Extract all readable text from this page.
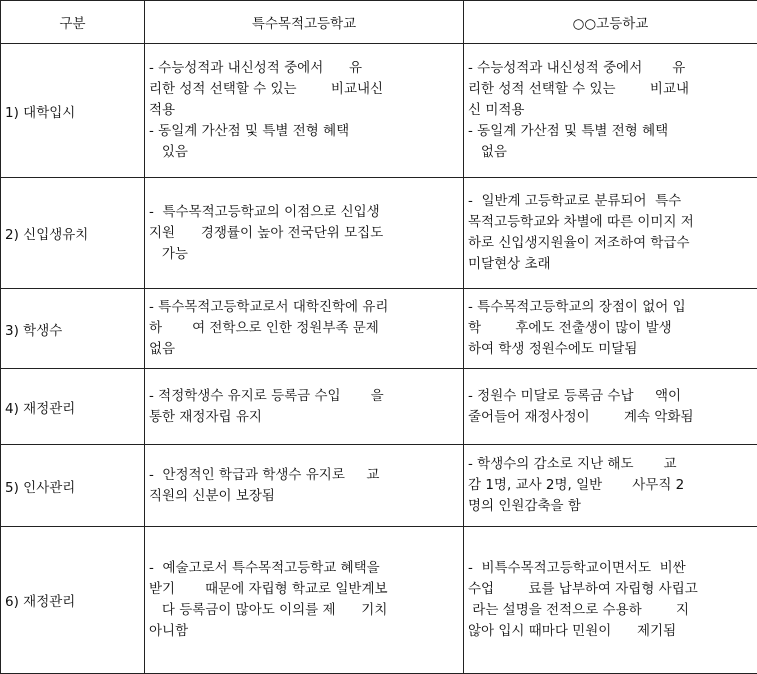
구분	특수목적고등학교	○○고등하교
1) 대학입시	- 수능성적과 내신성적 중에서      유
리한 성적 선택할 수 있는        비교내신
적용
- 동일계 가산점 및 특별 전형 혜택
있음	- 수능성적과 내신성적 중에서       유
리한 성적 선택할 수 있는        비교내
신 미적용
- 동일계 가산점 및 특별 전형 혜택
없음

2) 신입생유치	-  특수목적고등학교의 이점으로 신입생
지원      경쟁률이 높아 전국단위 모집도
가능	-  일반계 고등학교로 분류되어  특수
목적고등학교와 차별에 따른 이미지 저
하로 신입생지원율이 저조하여 학급수
미달현상 초래

3) 학생수	- 특수목적고등학교로서 대학진학에 유리
하       여 전학으로 인한 정원부족 문제
없음	- 특수목적고등학교의 장점이 없어 입
학        후에도 전출생이 많이 발생
하여 학생 정원수에도 미달됨

4) 재정관리	- 적정학생수 유지로 등록금 수입       을
통한 재정자립 유지	- 정원수 미달로 등록금 수납     액이
줄어들어 재정사정이        계속 악화됨

5) 인사관리	-  안정적인 학급과 학생수 유지로     교
직원의 신분이 보장됨	- 학생수의 감소로 지난 해도       교
감 1명, 교사 2명, 일반       사무직 2
명의 인원감축을 함

6) 재정관리	-  예술고로서 특수목적고등학교 혜택을
받기       때문에 자립형 학교로 일반계보
다 등록금이 많아도 이의를 제      기치
아니함	-  비특수목적고등학교이면서도  비싼
수업        료를 납부하여 자립형 사립고
라는 설명을 전적으로 수용하        지
않아 입시 때마다 민원이      제기됨
